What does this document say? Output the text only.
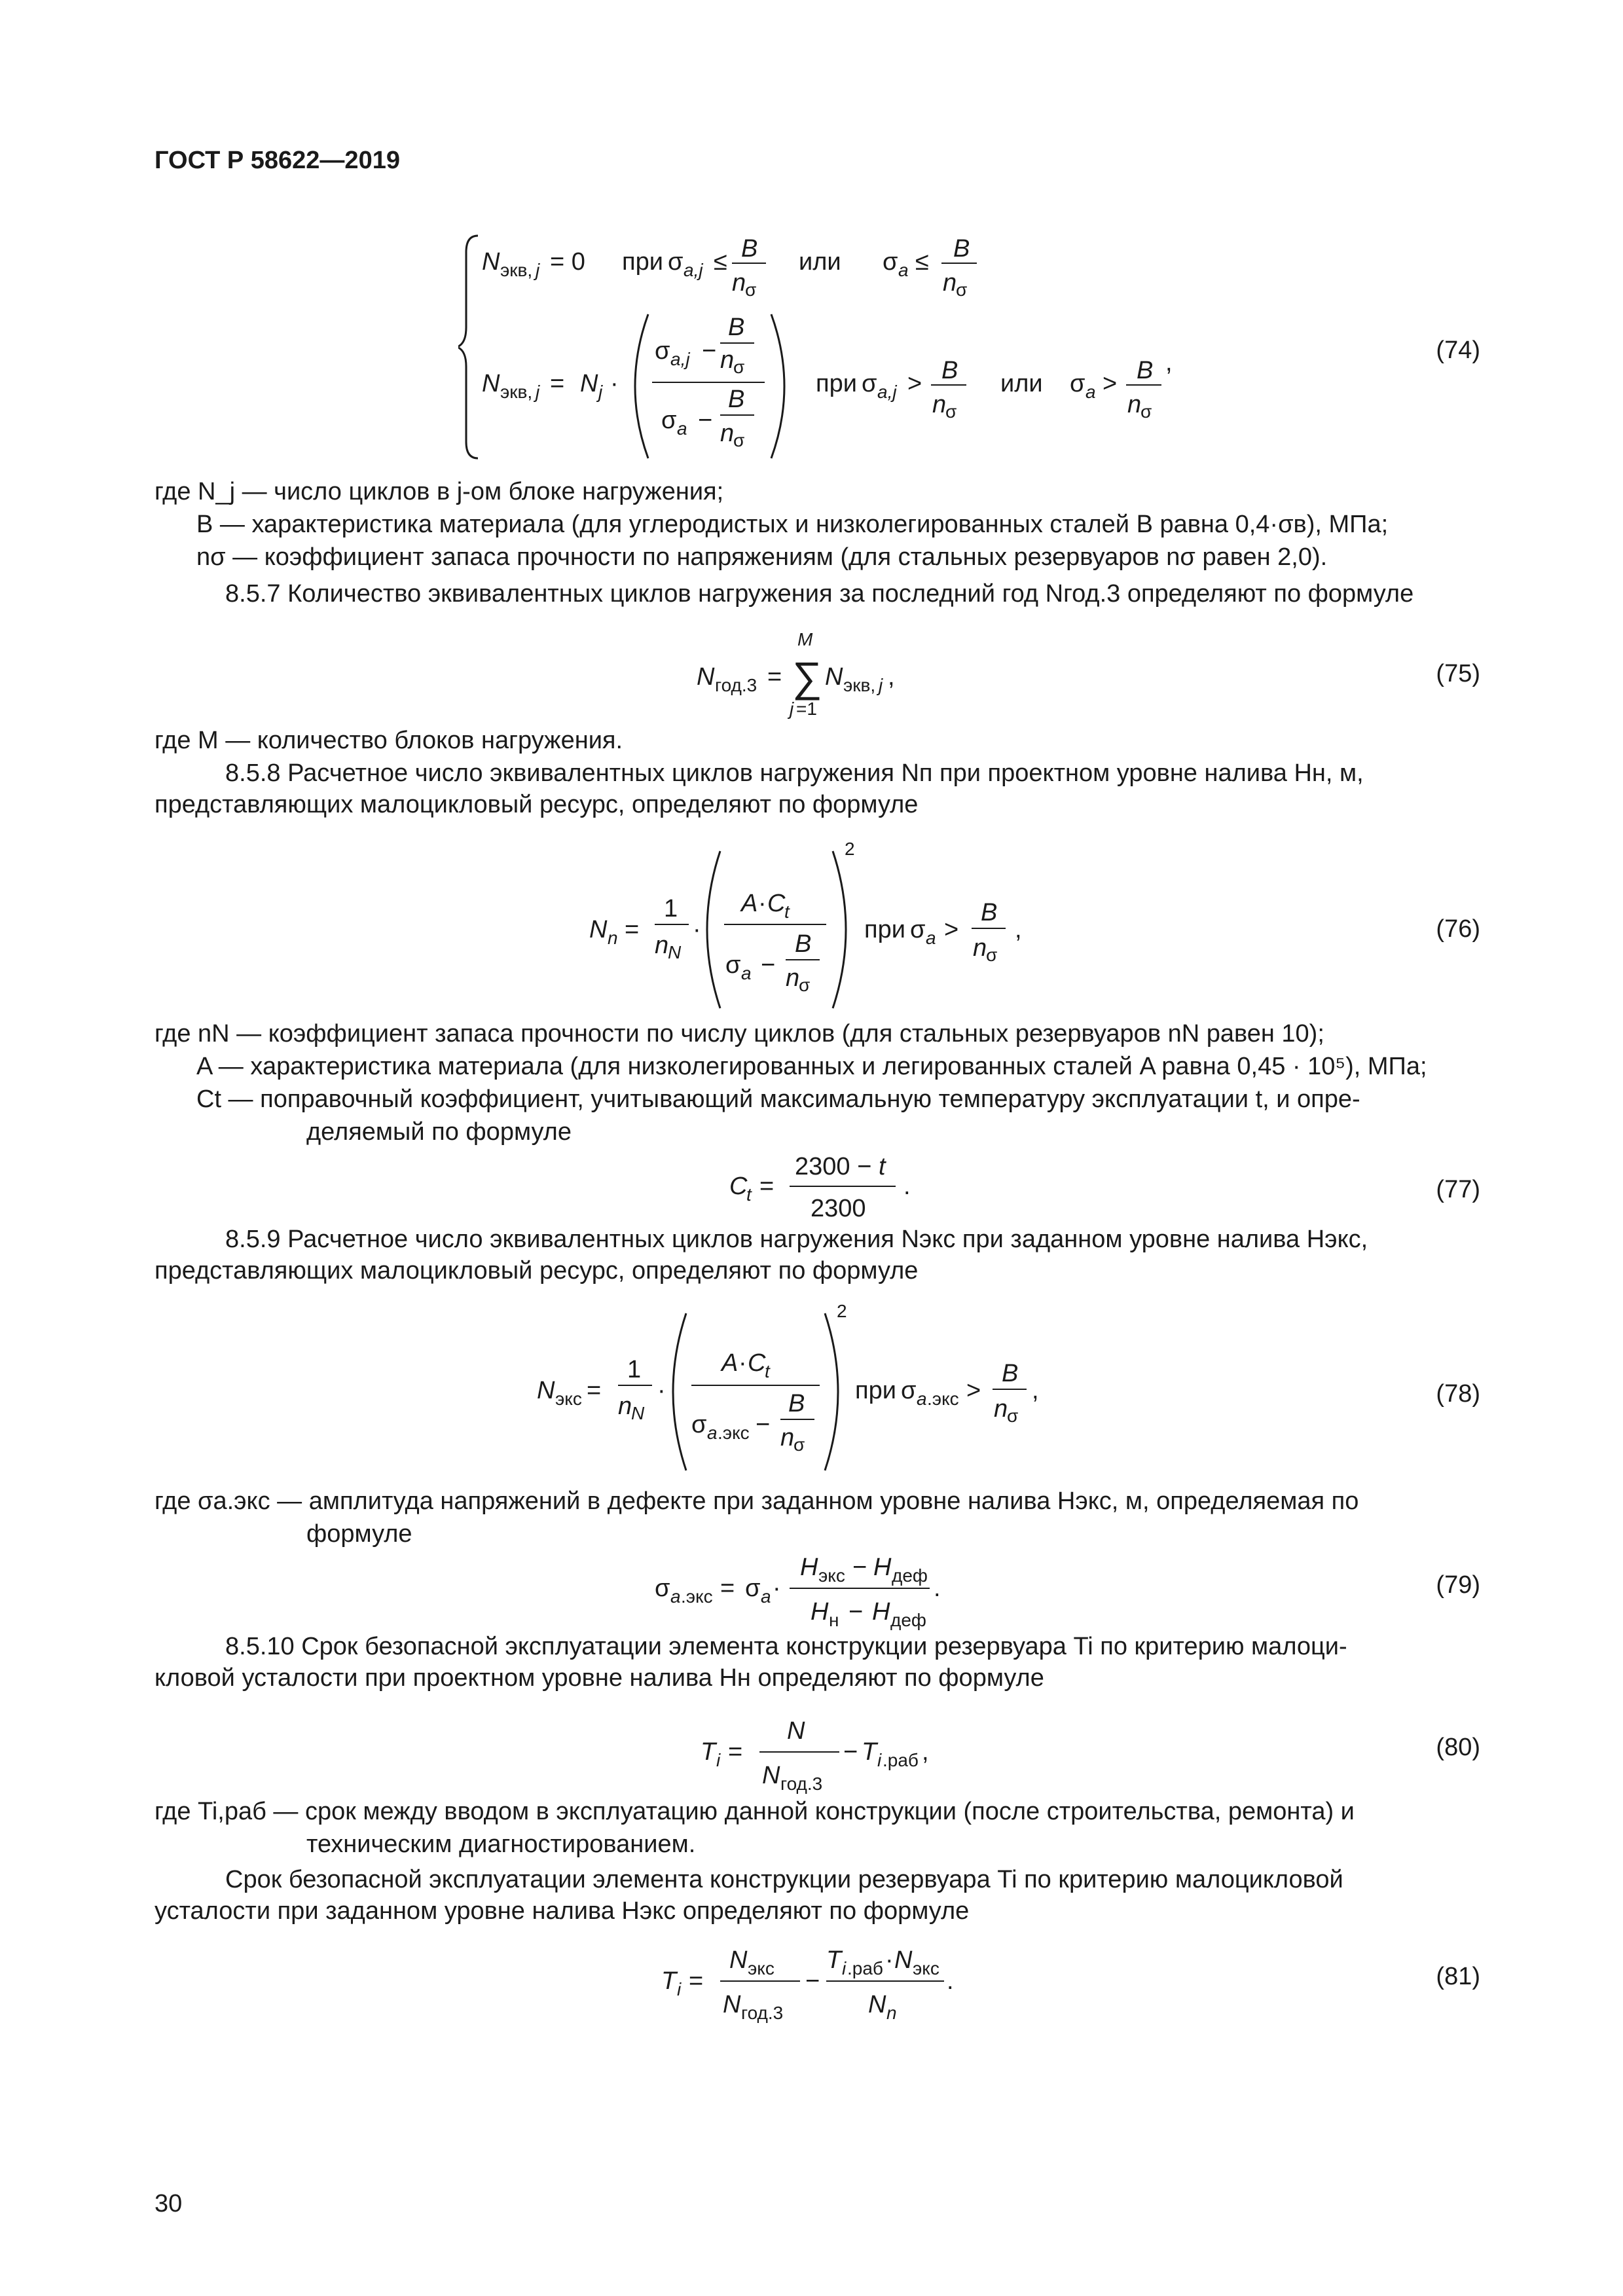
ГОСТ Р 58622—2019
N экв, j = 0 при σ a,j ≤ B
n
σ
или σ a ≤ B
n
σ
N экв, j = N j ·
σ a,j −
B
n
σ
σ a −
B
n
σ
при σ a,j > B
n
σ
или σ a > B
n
σ
,	(74)
где N_j — число циклов в j-ом блоке нагружения;
B — характеристика материала (для углеродистых и низколегированных сталей B равна 0,4·σв), МПа;
nσ — коэффициент запаса прочности по напряжениям (для стальных резервуаров nσ равен 2,0).
8.5.7 Количество эквивалентных циклов нагружения за последний год Nгод.3 определяют по формуле
N год.3 =
M
∑
j =1
N экв, j ,	(75)
где M — количество блоков нагружения.
8.5.8 Расчетное число эквивалентных циклов нагружения Nп при проектном уровне налива Hн, м,
представляющих малоцикловый ресурс, определяют по формуле
N n =
1
n
N
·
2
A · C
t
σ a −
B
n
σ
при σ a >
B
n
σ
,	(76)
где nN — коэффициент запаса прочности по числу циклов (для стальных резервуаров nN равен 10);
A — характеристика материала (для низколегированных и легированных сталей A равна 0,45 · 10⁵), МПа;
Ct — поправочный коэффициент, учитывающий максимальную температуру эксплуатации t, и опре-
деляемый по формуле
C
t =
2300 − t
2300
.	(77)
8.5.9 Расчетное число эквивалентных циклов нагружения Nэкс при заданном уровне налива Hэкс,
представляющих малоцикловый ресурс, определяют по формуле
N экс =
1
n
N
·
2
A · C
t
σ a .экс −
B
n
σ
при σ a .экс >
B
n
σ
,	(78)
где σa.экс — амплитуда напряжений в дефекте при заданном уровне налива Hэкс, м, определяемая по
формуле
σ a .экс = σ a ·
H экс − H деф
H н − H деф
.	(79)
8.5.10 Срок безопасной эксплуатации элемента конструкции резервуара Ti по критерию малоци-
кловой усталости при проектном уровне налива Hн определяют по формуле
T i =
N
N год.3
− T i .раб ,	(80)
где Ti,раб — срок между вводом в эксплуатацию данной конструкции (после строительства, ремонта) и
техническим диагностированием.
Срок безопасной эксплуатации элемента конструкции резервуара Ti по критерию малоцикловой
усталости при заданном уровне налива Hэкс определяют по формуле
T i =
N экс
N год.3
−
T i .раб · N экс
N n
.	(81)
30
